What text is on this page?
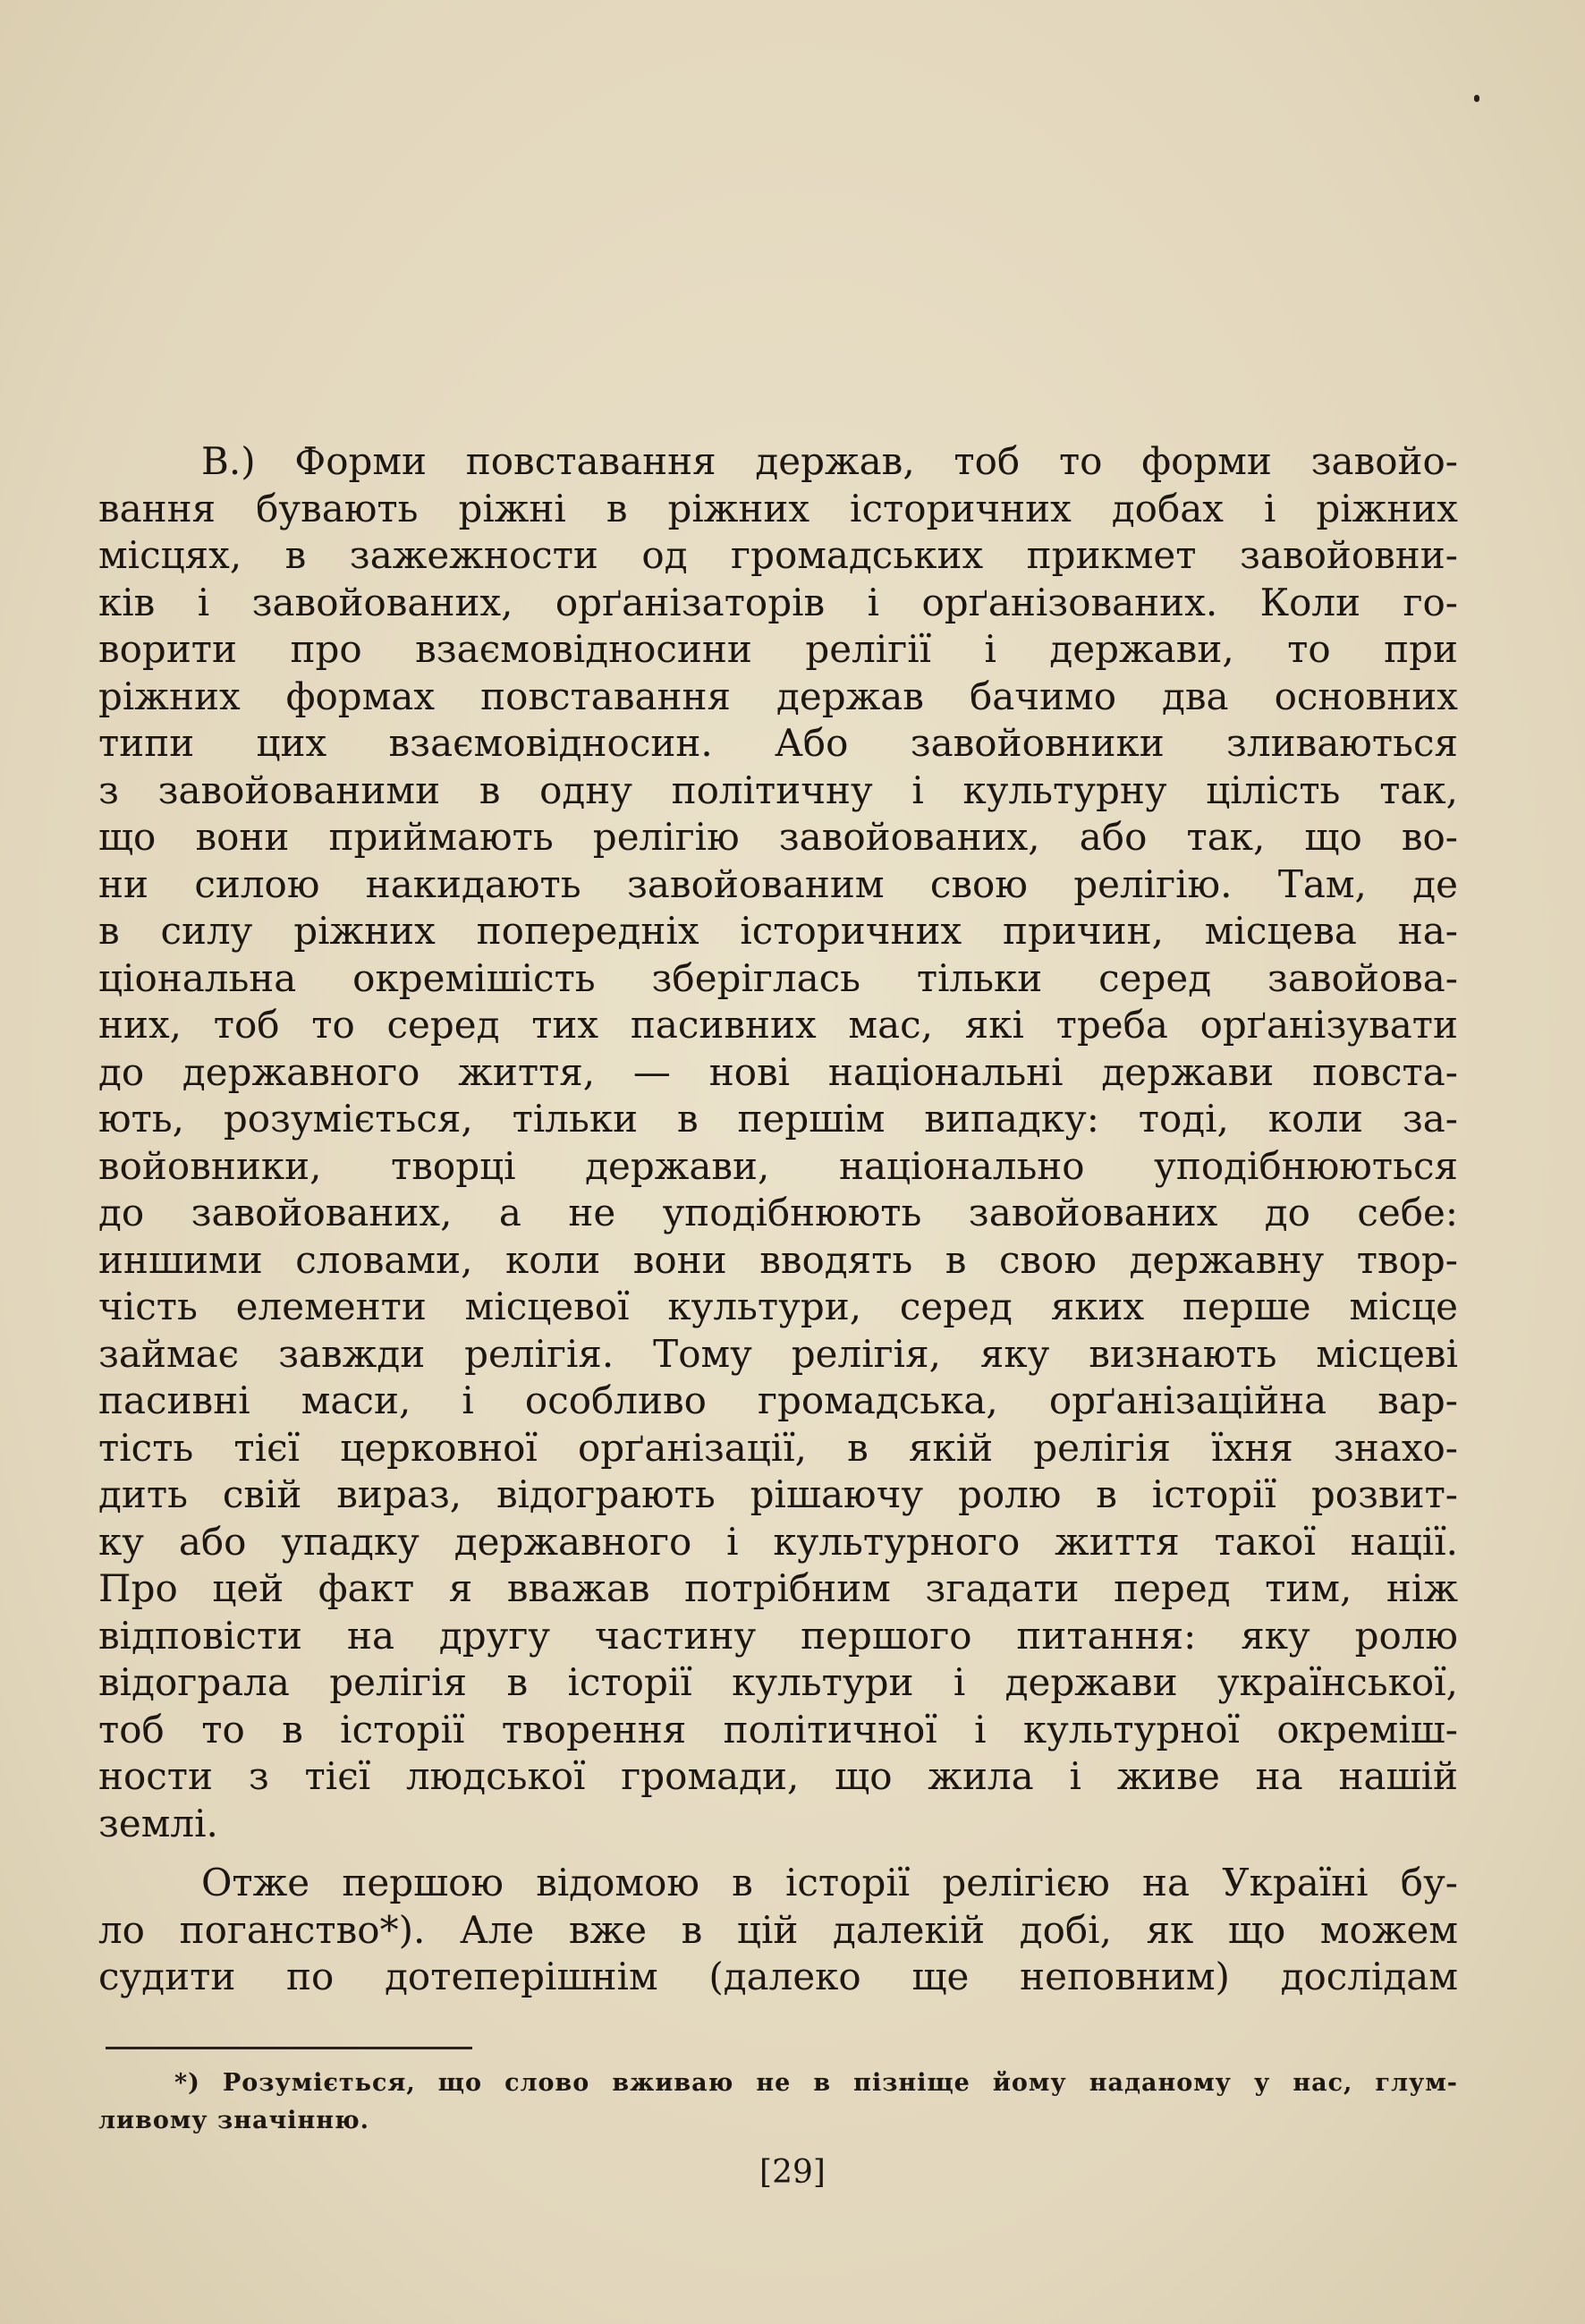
В.) Форми повставання держав, тоб то форми завойо-
вання бувають ріжні в ріжних історичних добах і ріжних
місцях, в зажежности од громадських прикмет завойовни-
ків і завойованих, орґанізаторів і орґанізованих. Коли го-
ворити про взаємовідносини релігії і держави, то при
ріжних формах повставання держав бачимо два основних
типи цих взаємовідносин. Або завойовники зливаються
з завойованими в одну політичну і культурну цілість так,
що вони приймають релігію завойованих, або так, що во-
ни силою накидають завойованим свою релігію. Там, де
в силу ріжних попередніх історичних причин, місцева на-
ціональна окремішість зберіглась тільки серед завойова-
них, тоб то серед тих пасивних мас, які треба орґанізувати
до державного життя, — нові національні держави повста-
ють, розуміється, тільки в першім випадку: тоді, коли за-
войовники, творці держави, національно уподібнюються
до завойованих, а не уподібнюють завойованих до себе:
иншими словами, коли вони вводять в свою державну твор-
чість елементи місцевої культури, серед яких перше місце
займає завжди релігія. Тому релігія, яку визнають місцеві
пасивні маси, і особливо громадська, орґанізаційна вар-
тість тієї церковної орґанізації, в якій релігія їхня знахо-
дить свій вираз, відограють рішаючу ролю в історії розвит-
ку або упадку державного і культурного життя такої нації.
Про цей факт я вважав потрібним згадати перед тим, ніж
відповісти на другу частину першого питання: яку ролю
відограла релігія в історії культури і держави української,
тоб то в історії творення політичної і культурної окреміш-
ности з тієї людської громади, що жила і живе на нашій
землі.
Отже першою відомою в історії релігією на Україні бу-
ло поганство*). Але вже в цій далекій добі, як що можем
судити по дотеперішнім (далеко ще неповним) дослідам
*) Розуміється, що слово вживаю не в пізніще йому наданому у нас, глум-
ливому значінню.
[29]
